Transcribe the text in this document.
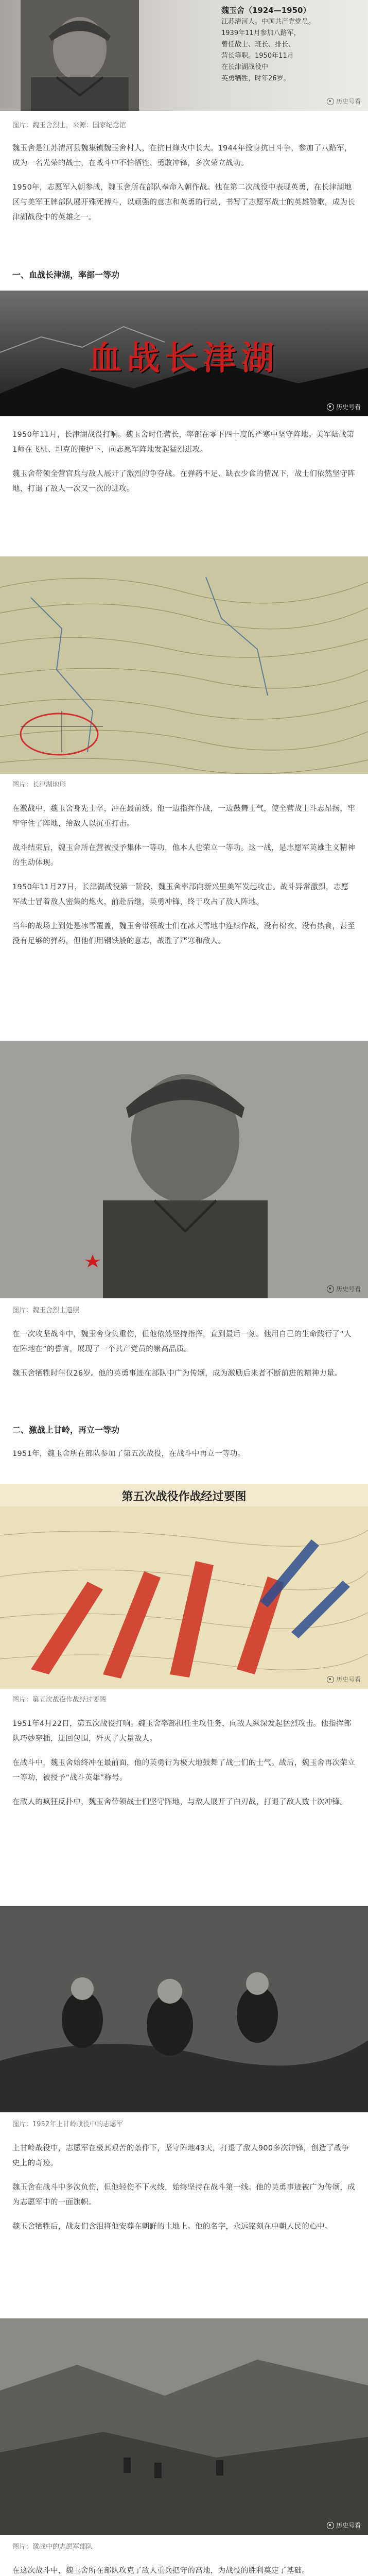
魏玉舍（1924—1950）
江苏清河人。中国共产党党员。
1939年11月参加八路军，
曾任战士、班长、排长、
营长等职。1950年11月
在长津湖战役中
英勇牺牲，时年26岁。
历史号看
图片：魏玉舍烈士，来源：国家纪念馆

魏玉舍是江苏清河县魏集镇魏玉舍村人，在抗日烽火中长大。1944年投身抗日斗争，参加了八路军，成为一名光荣的战士，在战斗中不怕牺牲、勇敢冲锋，多次荣立战功。

1950年，志愿军入朝参战，魏玉舍所在部队奉命入朝作战。他在第二次战役中表现英勇，在长津湖地区与美军王牌部队展开殊死搏斗，以顽强的意志和英勇的行动，书写了志愿军战士的英雄赞歌，成为长津湖战役中的英雄之一。

一、血战长津湖，率部一等功
血战长津湖
历史号看

1950年11月，长津湖战役打响。魏玉舍时任营长，率部在零下四十度的严寒中坚守阵地。美军陆战第1师在飞机、坦克的掩护下，向志愿军阵地发起猛烈进攻。

魏玉舍带领全营官兵与敌人展开了激烈的争夺战。在弹药不足、缺衣少食的情况下，战士们依然坚守阵地，打退了敌人一次又一次的进攻。

图片：长津湖地形

在激战中，魏玉舍身先士卒，冲在最前线。他一边指挥作战，一边鼓舞士气，使全营战士斗志昂扬，牢牢守住了阵地，给敌人以沉重打击。

战斗结束后，魏玉舍所在营被授予集体一等功，他本人也荣立一等功。这一战，是志愿军英雄主义精神的生动体现。

1950年11月27日，长津湖战役第一阶段，魏玉舍率部向新兴里美军发起攻击。战斗异常激烈，志愿军战士冒着敌人密集的炮火，前赴后继，英勇冲锋，终于攻占了敌人阵地。

当年的战场上到处是冰雪覆盖，魏玉舍带领战士们在冰天雪地中连续作战，没有棉衣、没有热食，甚至没有足够的弹药，但他们用钢铁般的意志，战胜了严寒和敌人。

历史号看
图片：魏玉舍烈士遗照

在一次攻坚战斗中，魏玉舍身负重伤，但他依然坚持指挥，直到最后一刻。他用自己的生命践行了“人在阵地在”的誓言，展现了一个共产党员的崇高品质。

魏玉舍牺牲时年仅26岁。他的英勇事迹在部队中广为传颂，成为激励后来者不断前进的精神力量。

二、激战上甘岭，再立一等功

1951年，魏玉舍所在部队参加了第五次战役，在战斗中再立一等功。

第五次战役作战经过要图
历史号看
图片：第五次战役作战经过要图

1951年4月22日，第五次战役打响。魏玉舍率部担任主攻任务，向敌人纵深发起猛烈攻击。他指挥部队巧妙穿插，迂回包围，歼灭了大量敌人。

在战斗中，魏玉舍始终冲在最前面，他的英勇行为极大地鼓舞了战士们的士气。战后，魏玉舍再次荣立一等功，被授予“战斗英雄”称号。

在敌人的疯狂反扑中，魏玉舍带领战士们坚守阵地，与敌人展开了白刃战，打退了敌人数十次冲锋。

图片：1952年上甘岭战役中的志愿军

上甘岭战役中，志愿军在极其艰苦的条件下，坚守阵地43天，打退了敌人900多次冲锋，创造了战争史上的奇迹。

魏玉舍在战斗中多次负伤，但他轻伤不下火线，始终坚持在战斗第一线。他的英勇事迹被广为传颂，成为志愿军中的一面旗帜。

魏玉舍牺牲后，战友们含泪将他安葬在朝鲜的土地上。他的名字，永远铭刻在中朝人民的心中。

历史号看
图片：激战中的志愿军部队

在这次战斗中，魏玉舍所在部队攻克了敌人重兵把守的高地，为战役的胜利奠定了基础。
